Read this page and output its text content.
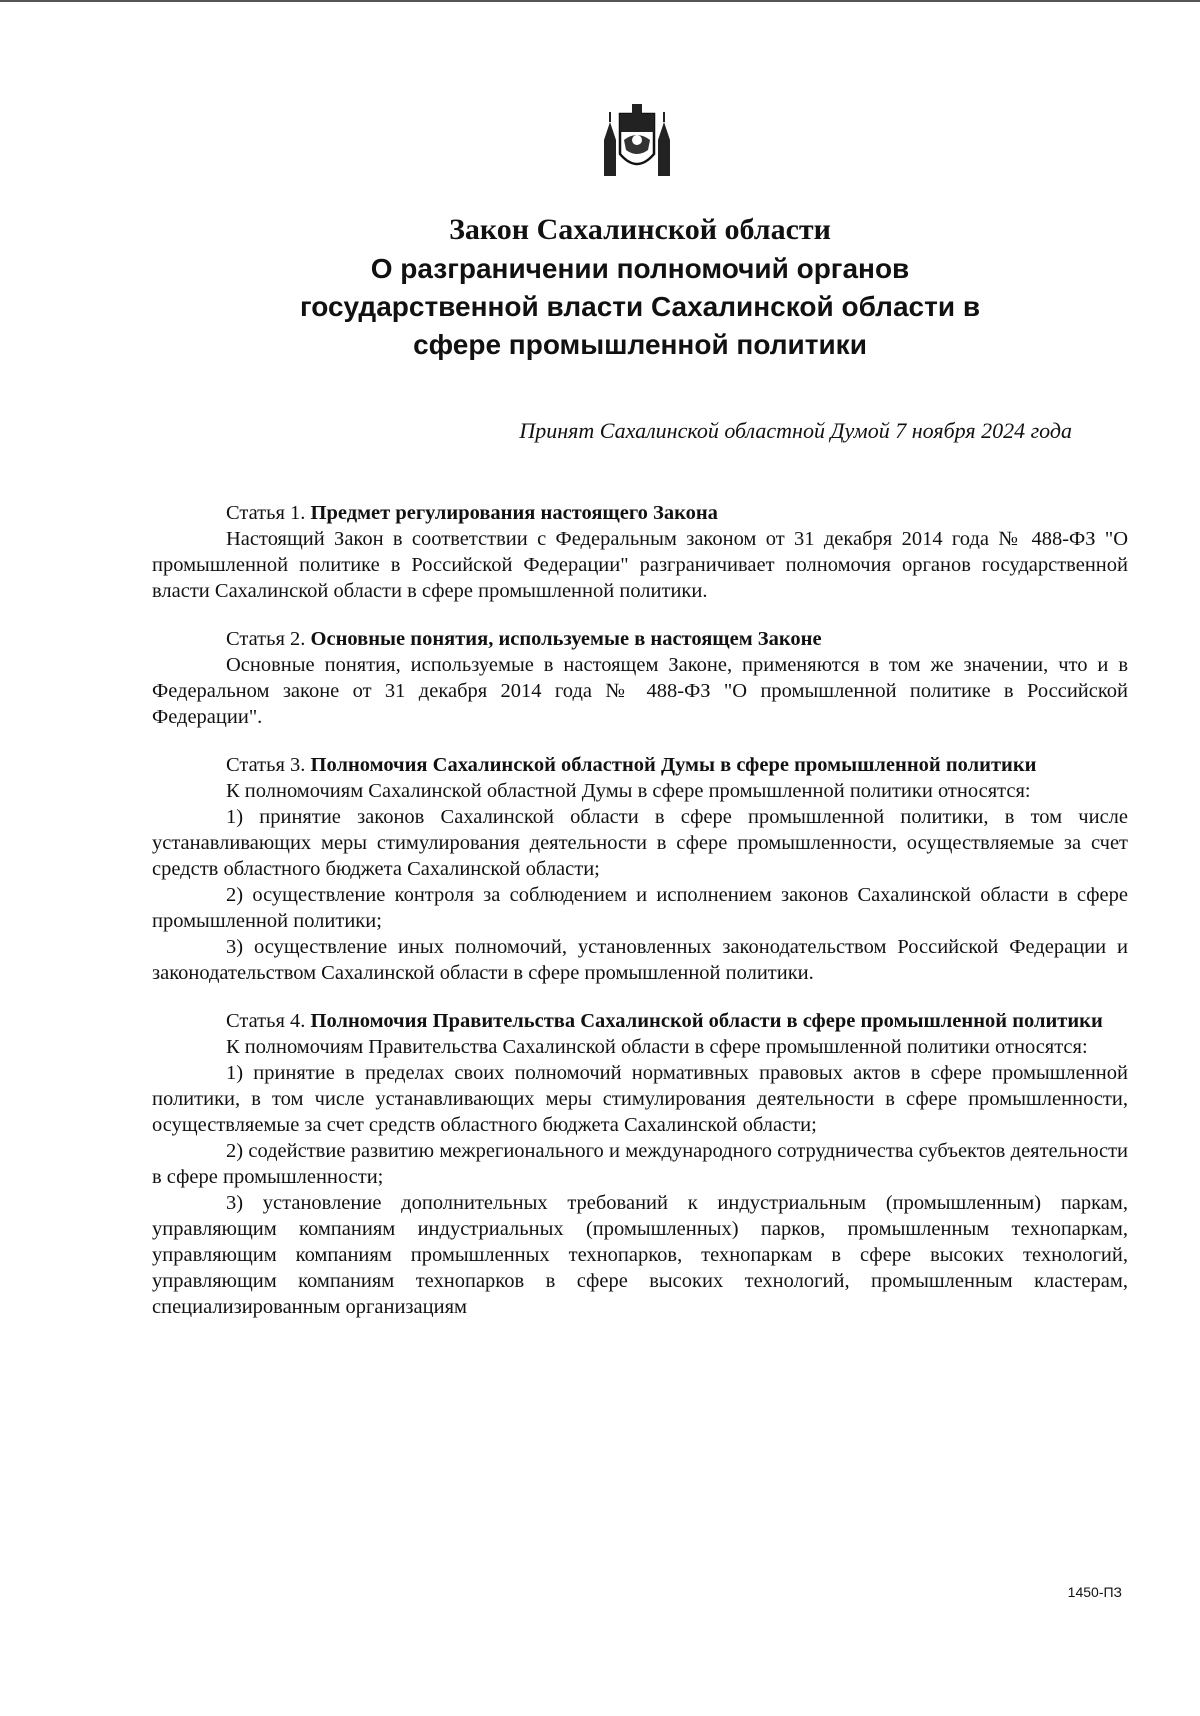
Закон Сахалинской области

О разграничении полномочий органов

государственной власти Сахалинской области в

сфере промышленной политики

Принят Сахалинской областной Думой 7 ноября 2024 года
Статья 1. Предмет регулирования настоящего Закона

Настоящий Закон в соответствии с Федеральным законом от 31 декабря 2014 года № 488-ФЗ "О промышленной политике в Российской Федерации" разграничивает полномочия органов государственной власти Сахалинской области в сфере промышленной политики.

Статья 2. Основные понятия, используемые в настоящем Законе

Основные понятия, используемые в настоящем Законе, применяются в том же значении, что и в Федеральном законе от 31 декабря 2014 года № 488-ФЗ "О промышленной политике в Российской Федерации".

Статья 3. Полномочия Сахалинской областной Думы в сфере промышленной политики

К полномочиям Сахалинской областной Думы в сфере промышленной политики относятся:

1) принятие законов Сахалинской области в сфере промышленной политики, в том числе устанавливающих меры стимулирования деятельности в сфере промышленности, осуществляемые за счет средств областного бюджета Сахалинской области;

2) осуществление контроля за соблюдением и исполнением законов Сахалинской области в сфере промышленной политики;

3) осуществление иных полномочий, установленных законодательством Российской Федерации и законодательством Сахалинской области в сфере промышленной политики.

Статья 4. Полномочия Правительства Сахалинской области в сфере промышленной политики

К полномочиям Правительства Сахалинской области в сфере промышленной политики относятся:

1) принятие в пределах своих полномочий нормативных правовых актов в сфере промышленной политики, в том числе устанавливающих меры стимулирования деятельности в сфере промышленности, осуществляемые за счет средств областного бюджета Сахалинской области;

2) содействие развитию межрегионального и международного сотрудничества субъектов деятельности в сфере промышленности;

3) установление дополнительных требований к индустриальным (промышленным) паркам, управляющим компаниям индустриальных (промышленных) парков, промышленным технопаркам, управляющим компаниям промышленных технопарков, технопаркам в сфере высоких технологий, управляющим компаниям технопарков в сфере высоких технологий, промышленным кластерам, специализированным организациям

1450-ПЗ
